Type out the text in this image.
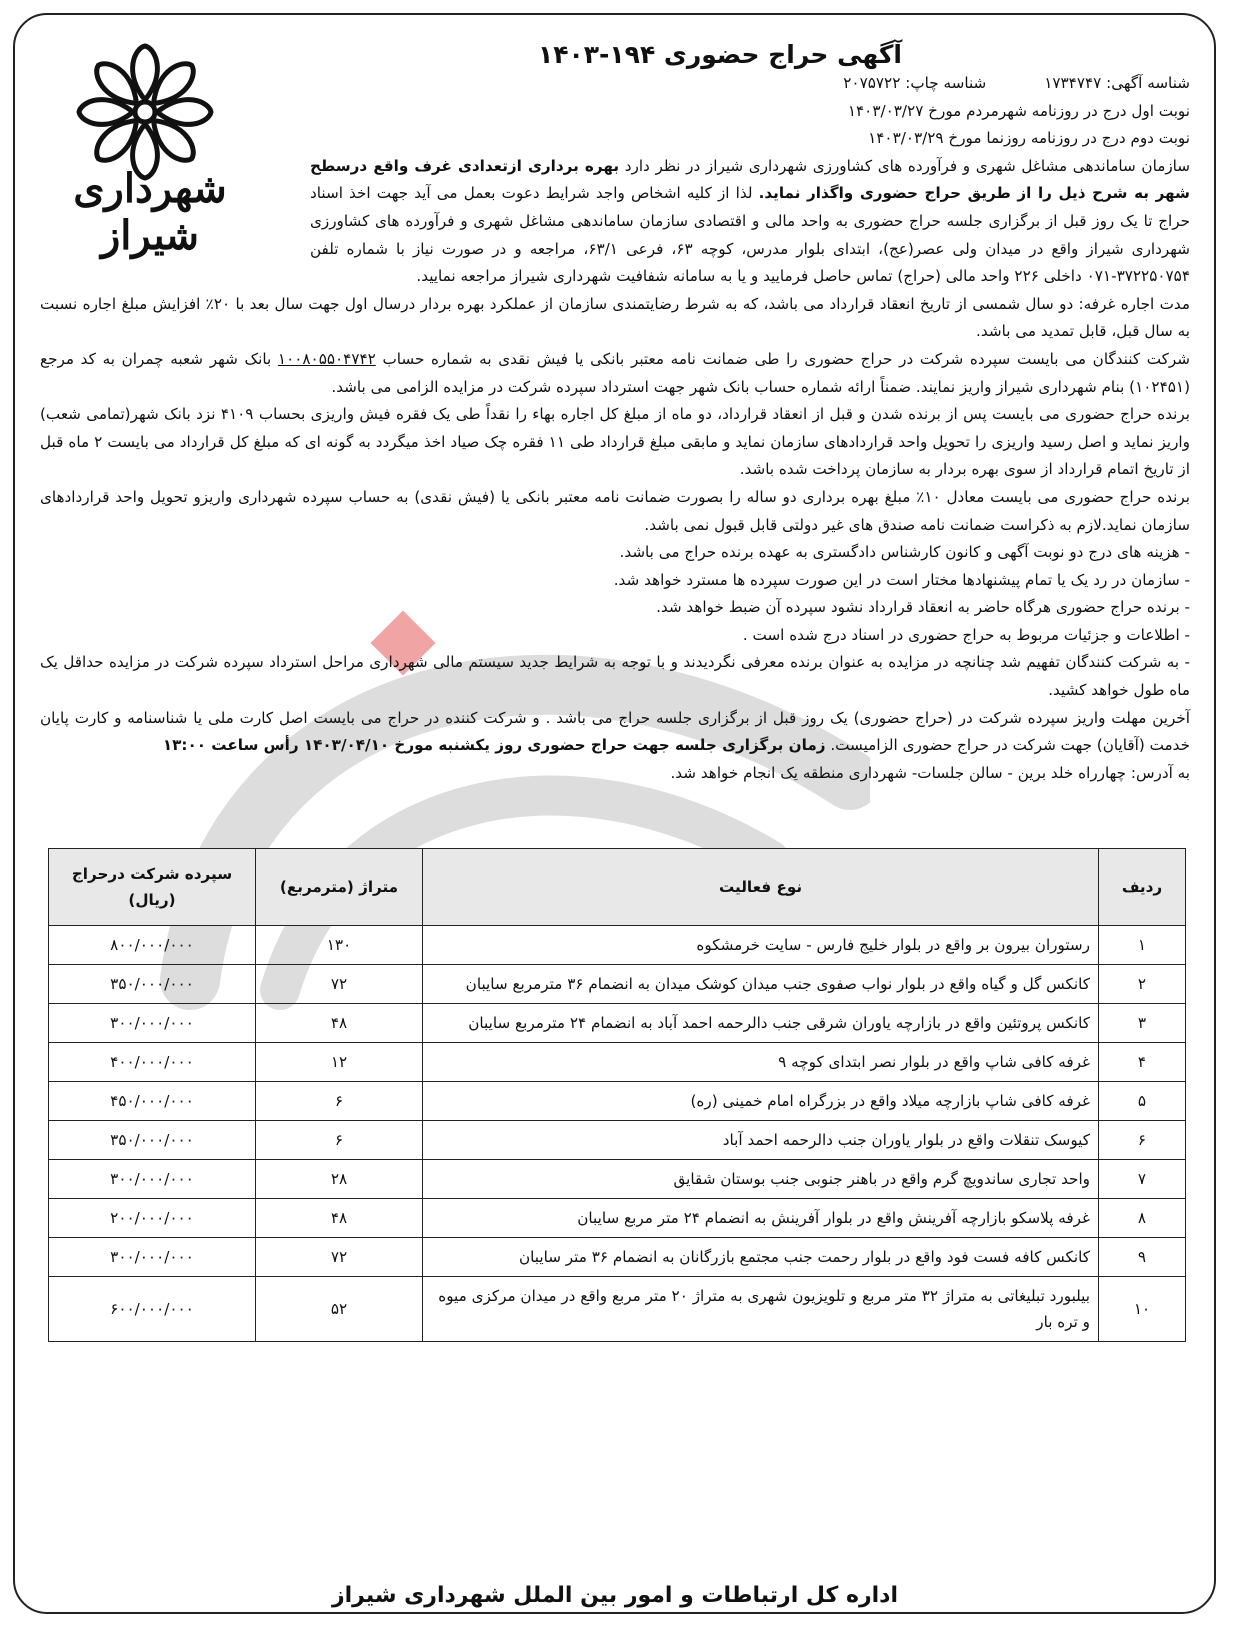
شهرداری شیراز
آگهی حراج حضوری ۱۹۴-۱۴۰۳

شناسه آگهی: ۱۷۳۴۷۴۷            شناسه چاپ: ۲۰۷۵۷۲۲

نوبت اول درج در روزنامه شهرمردم مورخ ۱۴۰۳/۰۳/۲۷

نوبت دوم درج در روزنامه روزنما مورخ ۱۴۰۳/۰۳/۲۹

سازمان ساماندهی مشاغل شهری و فرآورده های کشاورزی شهرداری شیراز در نظر دارد بهره برداری ازتعدادی غرف واقع درسطح شهر به شرح ذیل را از طریق حراج حضوری واگذار نماید. لذا از کلیه اشخاص واجد شرایط دعوت بعمل می آید جهت اخذ اسناد حراج تا یک روز قبل از برگزاری جلسه حراج حضوری به واحد مالی و اقتصادی سازمان ساماندهی مشاغل شهری و فرآورده های کشاورزی شهرداری شیراز واقع در میدان ولی عصر(عج)، ابتدای بلوار مدرس، کوچه ۶۳، فرعی ۶۳/۱، مراجعه و در صورت نیاز با شماره تلفن ۳۷۲۲۵۰۷۵۴-۰۷۱ داخلی ۲۲۶ واحد مالی (حراج) تماس حاصل فرمایید و یا به سامانه شفافیت شهرداری شیراز مراجعه نمایید.

مدت اجاره غرفه: دو سال شمسی از تاریخ انعقاد قرارداد می باشد، که به شرط رضایتمندی سازمان از عملکرد بهره بردار درسال اول جهت سال بعد با ۲۰٪ افزایش مبلغ اجاره نسبت به سال قبل، قابل تمدید می باشد.

شرکت کنندگان می بایست سپرده شرکت در حراج حضوری را طی ضمانت نامه معتبر بانکی یا فیش نقدی به شماره حساب ۱۰۰۸۰۵۵۰۴۷۴۲ بانک شهر شعبه چمران به کد مرجع (۱۰۲۴۵۱) بنام شهرداری شیراز واریز نمایند. ضمناً ارائه شماره حساب بانک شهر جهت استرداد سپرده شرکت در مزایده الزامی می باشد.

برنده حراج حضوری می بایست پس از برنده شدن و قبل از انعقاد قرارداد، دو ماه از مبلغ کل اجاره بهاء را نقداً طی یک فقره فیش واریزی بحساب ۴۱۰۹ نزد بانک شهر(تمامی شعب) واریز نماید و اصل رسید واریزی را تحویل واحد قراردادهای سازمان نماید و مابقی مبلغ قرارداد طی ۱۱ فقره چک صیاد اخذ میگردد به گونه ای که مبلغ کل قرارداد می بایست ۲ ماه قبل از تاریخ اتمام قرارداد از سوی بهره بردار به سازمان پرداخت شده باشد.

برنده حراج حضوری می بایست معادل ۱۰٪ مبلغ بهره برداری دو ساله را بصورت ضمانت نامه معتبر بانکی یا (فیش نقدی) به حساب سپرده شهرداری واریزو تحویل واحد قراردادهای سازمان نماید.لازم به ذکراست ضمانت نامه صندق های غیر دولتی قابل قبول نمی باشد.

- هزینه های درج دو نوبت آگهی و کانون کارشناس دادگستری به عهده برنده حراج می باشد.

- سازمان در رد یک یا تمام پیشنهادها مختار است در این صورت سپرده ها مسترد خواهد شد.

- برنده حراج حضوری هرگاه حاضر به انعقاد قرارداد نشود سپرده آن ضبط خواهد شد.

- اطلاعات و جزئیات مربوط به حراج حضوری در اسناد درج شده است .

- به شرکت کنندگان تفهیم شد چنانچه در مزایده به عنوان برنده معرفی نگردیدند و با توجه به شرایط جدید سیستم مالی شهرداری مراحل استرداد سپرده شرکت در مزایده حداقل یک ماه طول خواهد کشید.

آخرین مهلت واریز سپرده شرکت در (حراج حضوری) یک روز قبل از برگزاری جلسه حراج می باشد . و شرکت کننده در حراج می بایست اصل کارت ملی یا شناسنامه و کارت پایان خدمت (آقایان) جهت شرکت در حراج حضوری الزامیست. زمان برگزاری جلسه جهت حراج حضوری روز یکشنبه مورخ ۱۴۰۳/۰۴/۱۰ رأس ساعت ۱۳:۰۰

به آدرس: چهارراه خلد برین - سالن جلسات- شهرداری منطقه یک انجام خواهد شد.

ردیف	نوع فعالیت	متراژ (مترمربع)	سپرده شرکت درحراج (ریال)
۱	رستوران بیرون بر واقع در بلوار خلیج فارس - سایت خرمشکوه	۱۳۰	۸۰۰/۰۰۰/۰۰۰
۲	کانکس گل و گیاه واقع در بلوار نواب صفوی جنب میدان کوشک میدان به انضمام ۳۶ مترمربع سایبان	۷۲	۳۵۰/۰۰۰/۰۰۰
۳	کانکس پروتئین واقع در بازارچه یاوران شرقی جنب دالرحمه احمد آباد به انضمام ۲۴ مترمربع سایبان	۴۸	۳۰۰/۰۰۰/۰۰۰
۴	غرفه کافی شاپ واقع در بلوار نصر ابتدای کوچه ۹	۱۲	۴۰۰/۰۰۰/۰۰۰
۵	غرفه کافی شاپ بازارچه میلاد واقع در بزرگراه امام خمینی (ره)	۶	۴۵۰/۰۰۰/۰۰۰
۶	کیوسک تنقلات واقع در بلوار یاوران جنب دالرحمه احمد آباد	۶	۳۵۰/۰۰۰/۰۰۰
۷	واحد تجاری ساندویچ گرم واقع در باهنر جنوبی جنب بوستان شقایق	۲۸	۳۰۰/۰۰۰/۰۰۰
۸	غرفه پلاسکو بازارچه آفرینش واقع در بلوار آفرینش به انضمام ۲۴ متر مربع سایبان	۴۸	۲۰۰/۰۰۰/۰۰۰
۹	کانکس کافه فست فود واقع در بلوار رحمت جنب مجتمع بازرگانان به انضمام ۳۶ متر سایبان	۷۲	۳۰۰/۰۰۰/۰۰۰
۱۰	بیلبورد تبلیغاتی به متراژ ۳۲ متر مربع و تلویزیون شهری به متراژ ۲۰ متر مربع واقع در میدان مرکزی میوه و تره بار	۵۲	۶۰۰/۰۰۰/۰۰۰
اداره کل ارتباطات و امور بین الملل شهرداری شیراز
